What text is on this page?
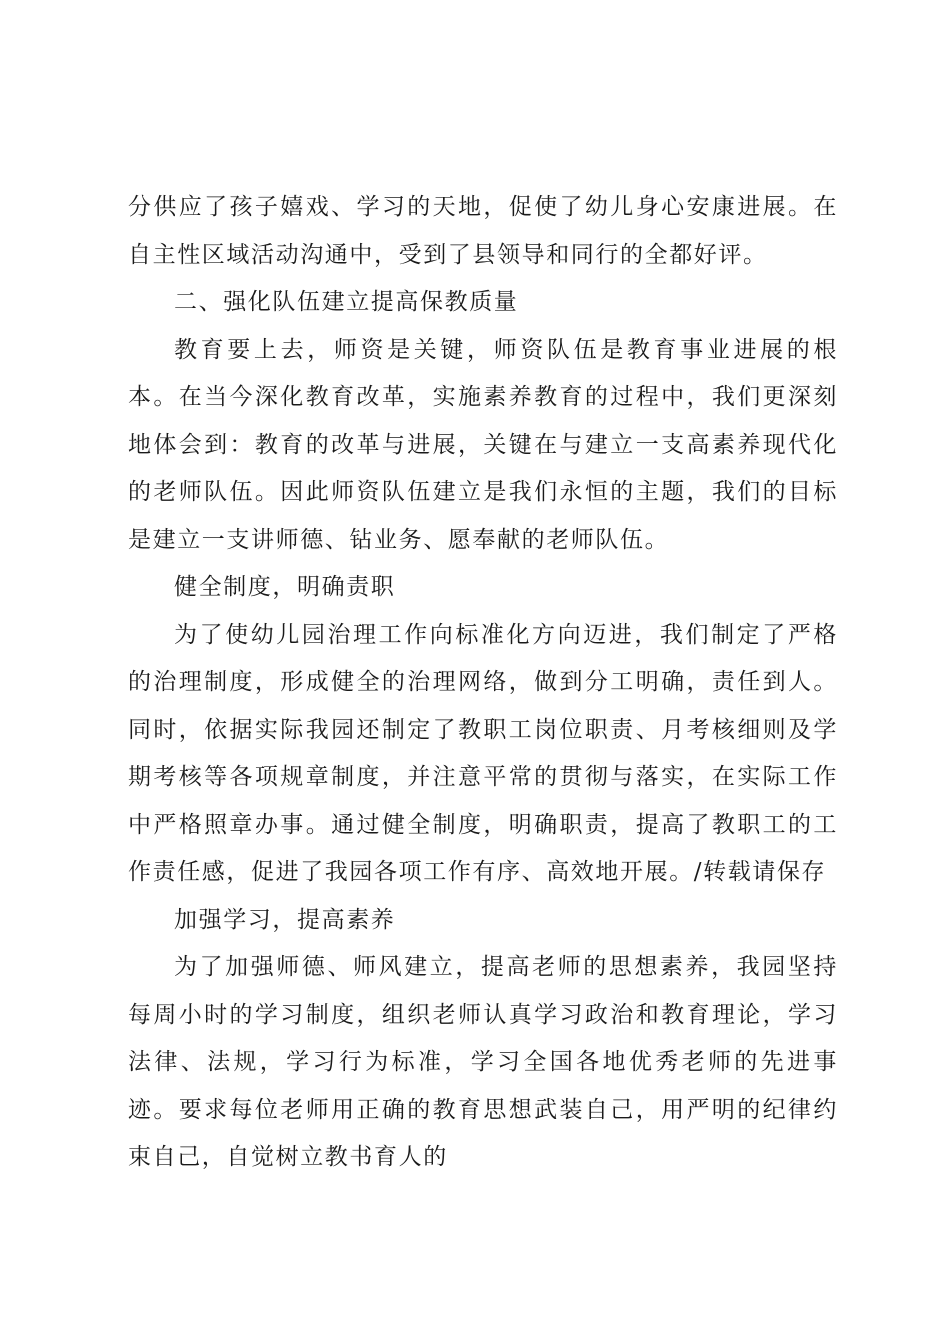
分供应了孩子嬉戏、学习的天地，促使了幼儿身心安康进展。在自主性区域活动沟通中，受到了县领导和同行的全都好评。

二、强化队伍建立提高保教质量

教育要上去，师资是关键，师资队伍是教育事业进展的根本。在当今深化教育改革，实施素养教育的过程中，我们更深刻地体会到：教育的改革与进展，关键在与建立一支高素养现代化的老师队伍。因此师资队伍建立是我们永恒的主题，我们的目标是建立一支讲师德、钻业务、愿奉献的老师队伍。

健全制度，明确责职

为了使幼儿园治理工作向标准化方向迈进，我们制定了严格的治理制度，形成健全的治理网络，做到分工明确，责任到人。同时，依据实际我园还制定了教职工岗位职责、月考核细则及学期考核等各项规章制度，并注意平常的贯彻与落实，在实际工作中严格照章办事。通过健全制度，明确职责，提高了教职工的工作责任感，促进了我园各项工作有序、高效地开展。/转载请保存

加强学习，提高素养

为了加强师德、师风建立，提高老师的思想素养，我园坚持每周小时的学习制度，组织老师认真学习政治和教育理论，学习法律、法规，学习行为标准，学习全国各地优秀老师的先进事迹。要求每位老师用正确的教育思想武装自己，用严明的纪律约束自己，自觉树立教书育人的
